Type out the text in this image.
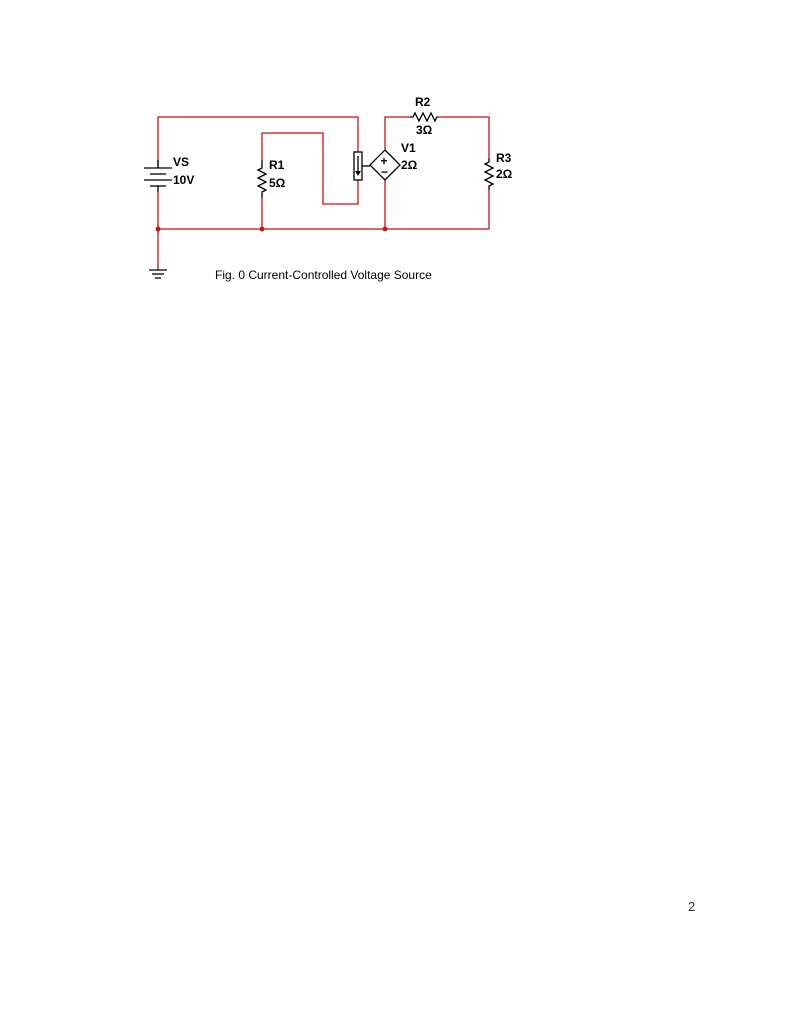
VS
10V
R1
5Ω
R2
3Ω
R3
2Ω
+
−
V1
2Ω
Fig. 0 Current-Controlled Voltage Source
2
